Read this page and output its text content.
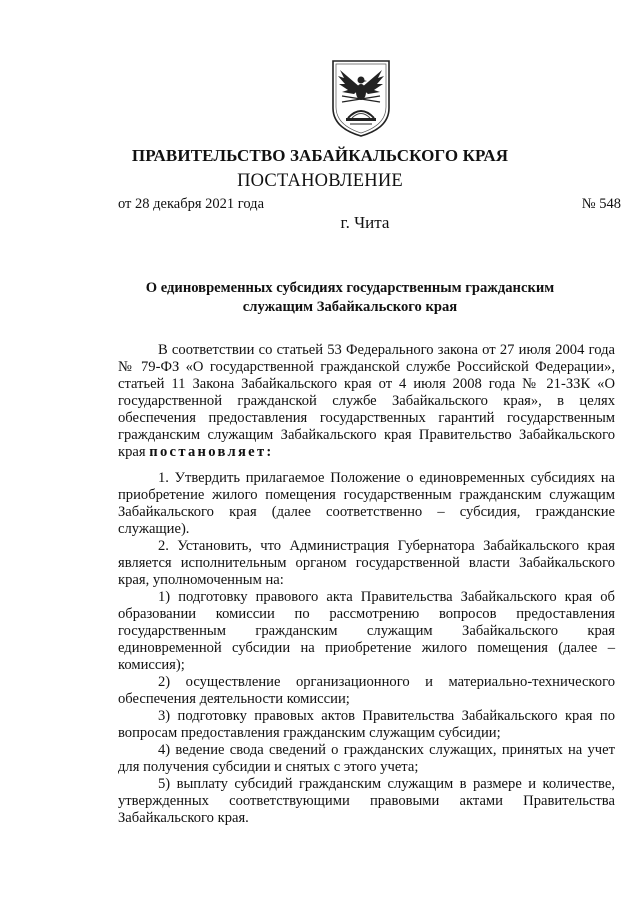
ПРАВИТЕЛЬСТВО ЗАБАЙКАЛЬСКОГО КРАЯ
ПОСТАНОВЛЕНИЕ
от 28 декабря 2021 года	№ 548
г. Чита
О единовременных субсидиях государственным гражданским служащим Забайкальского края

В соответствии со статьей 53 Федерального закона от 27 июля 2004 года № 79-ФЗ «О государственной гражданской службе Российской Федерации», статьей 11 Закона Забайкальского края от 4 июля 2008 года № 21-ЗЗК «О государственной гражданской службе Забайкальского края», в целях обеспечения предоставления государственных гарантий государственным гражданским служащим Забайкальского края Правительство Забайкальского края постановляет:

1. Утвердить прилагаемое Положение о единовременных субсидиях на приобретение жилого помещения государственным гражданским служащим Забайкальского края (далее соответственно – субсидия, гражданские служащие).

2. Установить, что Администрация Губернатора Забайкальского края является исполнительным органом государственной власти Забайкальского края, уполномоченным на:

1) подготовку правового акта Правительства Забайкальского края об образовании комиссии по рассмотрению вопросов предоставления государственным гражданским служащим Забайкальского края единовременной субсидии на приобретение жилого помещения (далее – комиссия);

2) осуществление организационного и материально-технического обеспечения деятельности комиссии;

3) подготовку правовых актов Правительства Забайкальского края по вопросам предоставления гражданским служащим субсидии;

4) ведение свода сведений о гражданских служащих, принятых на учет для получения субсидии и снятых с этого учета;

5) выплату субсидий гражданским служащим в размере и количестве, утвержденных соответствующими правовыми актами Правительства Забайкальского края.
